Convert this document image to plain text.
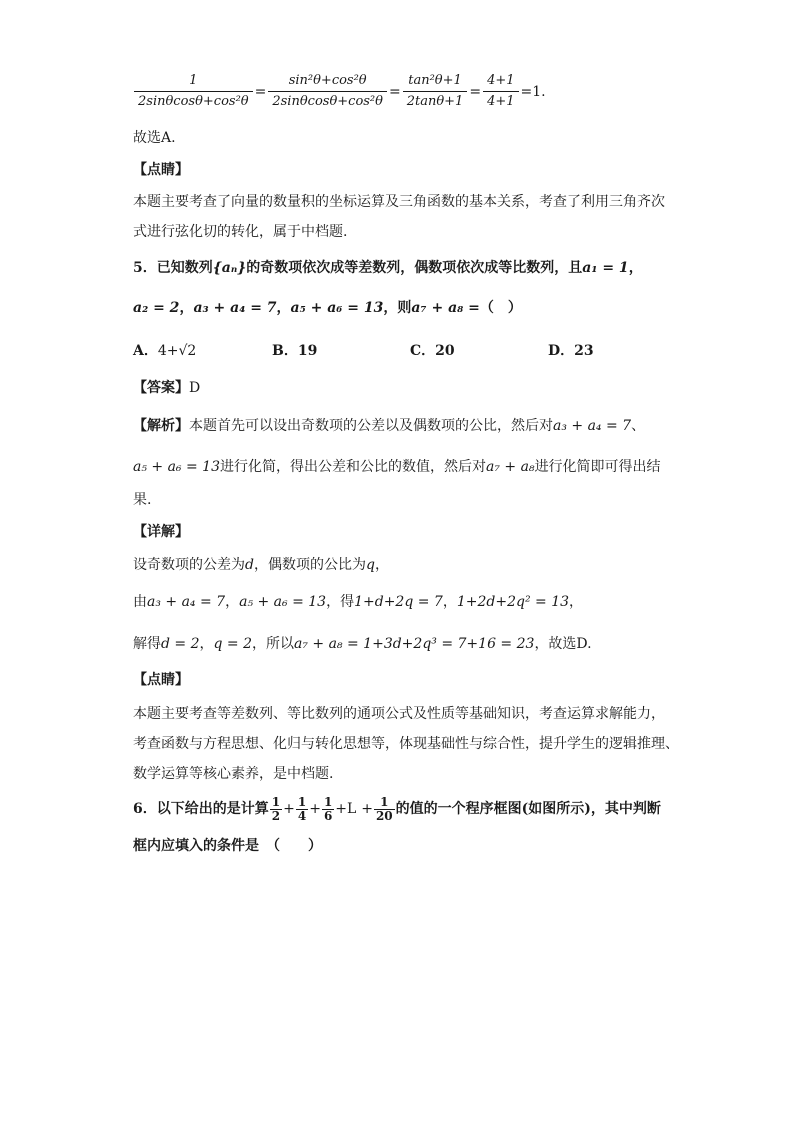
$\frac{1}{\text{2sinθcosθ+cos²θ}} = \frac{\text{sin²θ+cos²θ}}{\text{2sinθcosθ+cos²θ}} = \frac{\text{tan²θ+1}}{2\tan\theta+1} = \frac{4+1}{4+1} =1$.
故选A.
【点睛】
本题主要考查了向量的数量积的坐标运算及三角函数的基本关系，考查了利用三角齐次
式进行弦化切的转化，属于中档题.
5．已知数列{aₙ}的奇数项依次成等差数列，偶数项依次成等比数列，且a₁ = 1，
a₂ = 2，a₃ + a₄ = 7，a₅ + a₆ = 13，则a₇ + a₈ =（　）
A．4+√2	B．19	C．20	D．23
【答案】D
【解析】本题首先可以设出奇数项的公差以及偶数项的公比，然后对a₃ + a₄ = 7、
a₅ + a₆ = 13进行化简，得出公差和公比的数值，然后对a₇ + a₈进行化简即可得出结
果.
【详解】
设奇数项的公差为d，偶数项的公比为q，
由a₃ + a₄ = 7，a₅ + a₆ = 13，得1+d+2q = 7，1+2d+2q² = 13，
解得d = 2，q = 2，所以a₇ + a₈ = 1+3d+2q³ = 7+16 = 23，故选D.
【点睛】
本题主要考查等差数列、等比数列的通项公式及性质等基础知识，考查运算求解能力，
考查函数与方程思想、化归与转化思想等，体现基础性与综合性，提升学生的逻辑推理、
数学运算等核心素养，是中档题.
6．以下给出的是计算 $\frac{1}{2} + \frac{1}{4} + \frac{1}{6} +L + \frac{1}{20}$ 的值的一个程序框图(如图所示)，其中判断
框内应填入的条件是　（　　）
